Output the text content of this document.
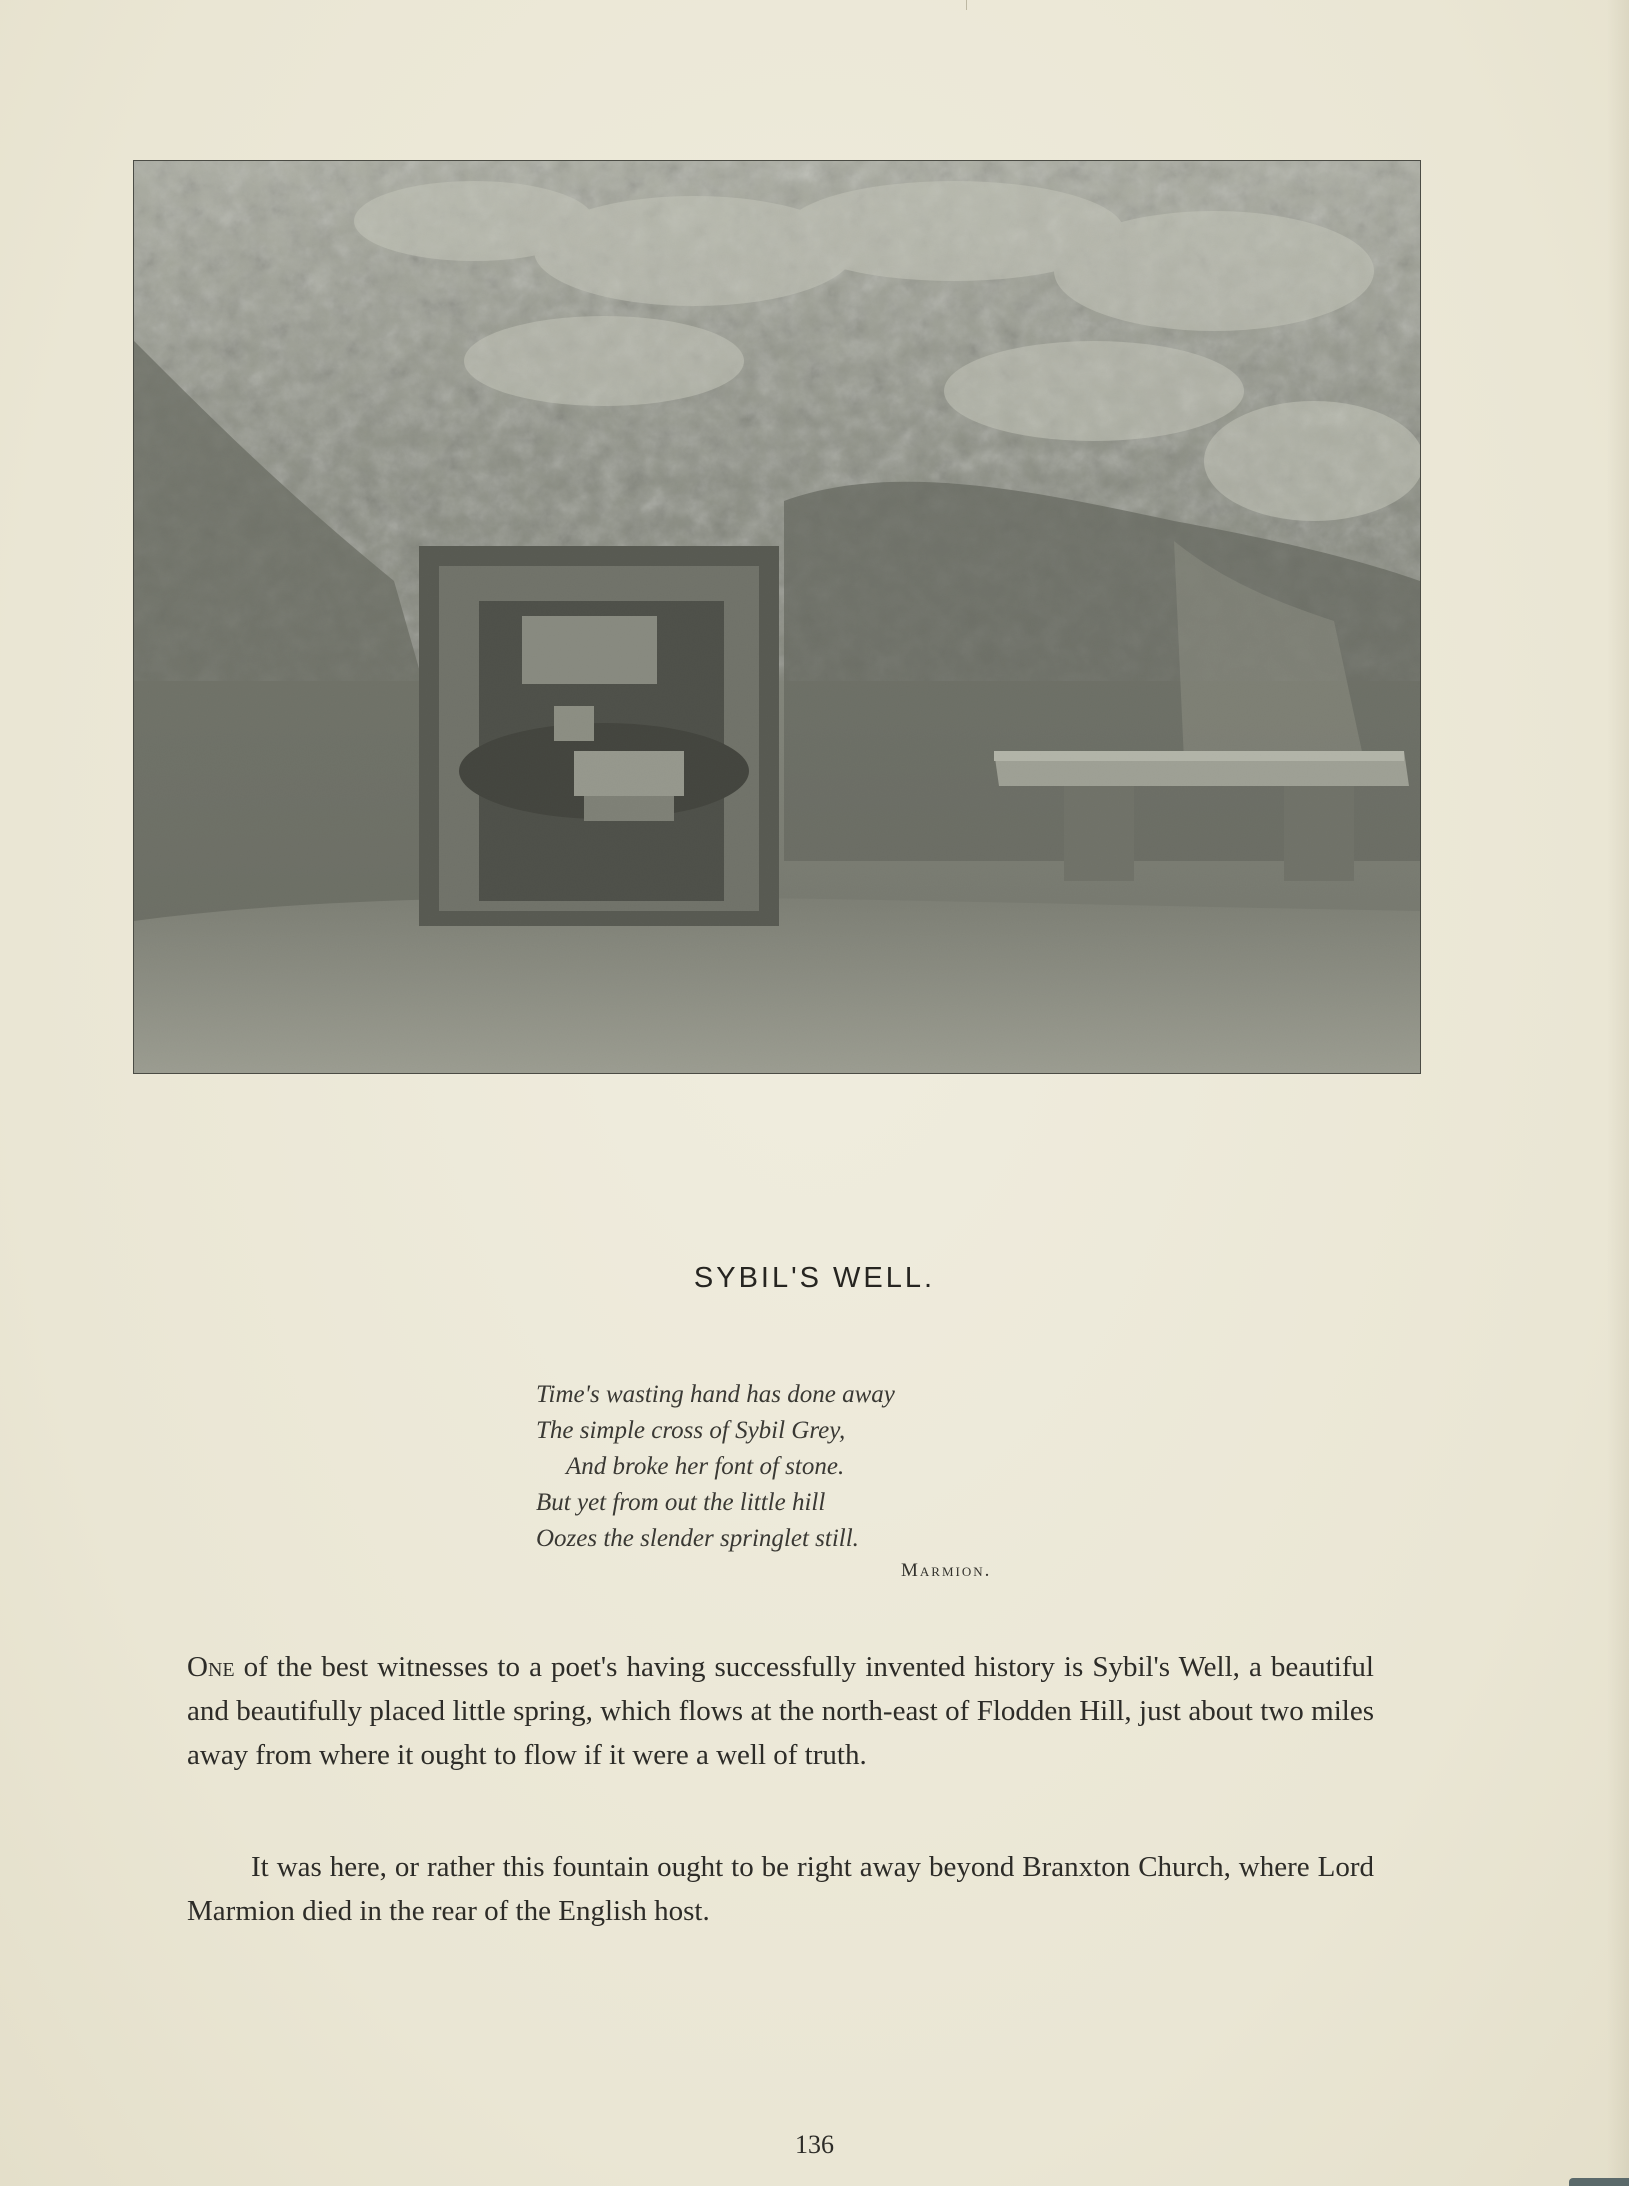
SYBIL'S WELL.
Time's wasting hand has done away
The simple cross of Sybil Grey,
And broke her font of stone.
But yet from out the little hill
Oozes the slender springlet still.
Marmion.
One of the best witnesses to a poet's having successfully invented history is Sybil's Well, a beautiful and beautifully placed little spring, which flows at the north-east of Flodden Hill, just about two miles away from where it ought to flow if it were a well of truth.
It was here, or rather this fountain ought to be right away beyond Branxton Church, where Lord Marmion died in the rear of the English host.
136
